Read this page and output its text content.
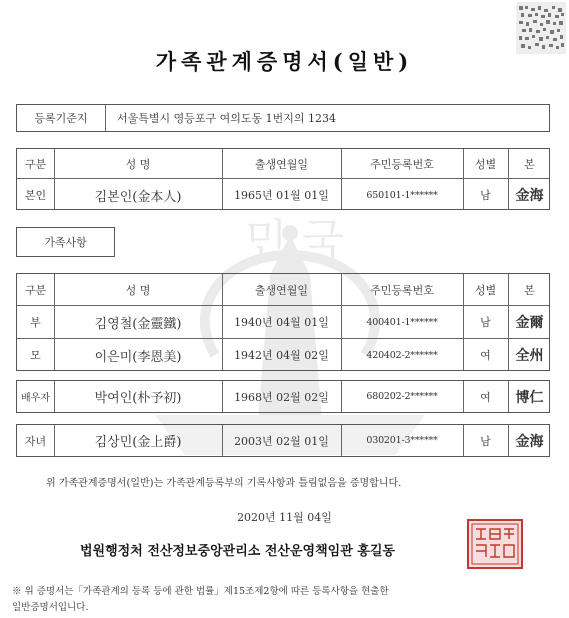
민 국
가족관계증명서(일반)
등록기준지	서울특별시 영등포구 여의도동 1번지의 1234
구분	성 명	출생연월일	주민등록번호	성별	본
본인	김본인(金本人)	1965년 01월 01일	650101-1******	남	金海
가족사항
구분	성 명	출생연월일	주민등록번호	성별	본
부	김영철(金靈鐵)	1940년 04월 01일	400401-1******	남	金爾
모	이은미(李恩美)	1942년 04월 02일	420402-2******	여	全州
배우자	박여인(朴予初)	1968년 02월 02일	680202-2******	여	博仁
자녀	김상민(金上爵)	2003년 02월 01일	030201-3******	남	金海
위 가족관계증명서(일반)는 가족관계등록부의 기록사항과 틀림없음을 증명합니다.
2020년 11월 04일
법원행정처 전산정보중앙관리소 전산운영책임관 홍길동
※ 위 증명서는「가족관계의 등록 등에 관한 법률」제15조제2항에 따른 등록사항을 현출한
일반증명서입니다.
